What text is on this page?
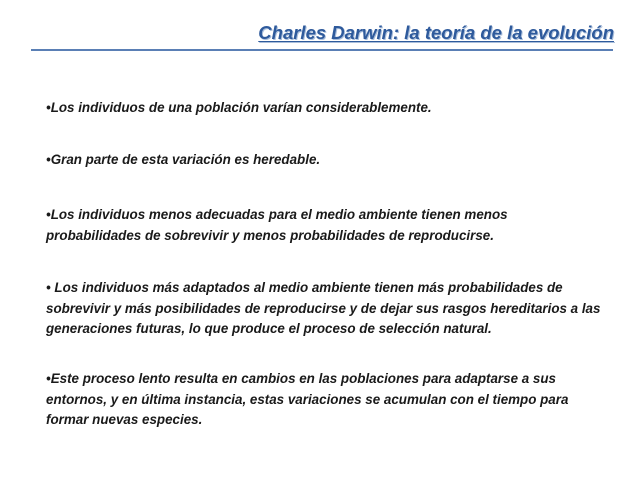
Charles Darwin: la teoría de la evolución

•Los individuos de una población varían considerablemente.

•Gran parte de esta variación es heredable.

•Los individuos menos adecuadas para el medio ambiente tienen menos probabilidades de sobrevivir y menos probabilidades de reproducirse.

• Los individuos más adaptados al medio ambiente tienen más probabilidades de sobrevivir y más posibilidades de reproducirse y de dejar sus rasgos hereditarios a las generaciones futuras, lo que produce el proceso de selección natural.

•Este proceso lento resulta en cambios en las poblaciones para adaptarse a sus entornos, y en última instancia, estas variaciones se acumulan con el tiempo para formar nuevas especies.
